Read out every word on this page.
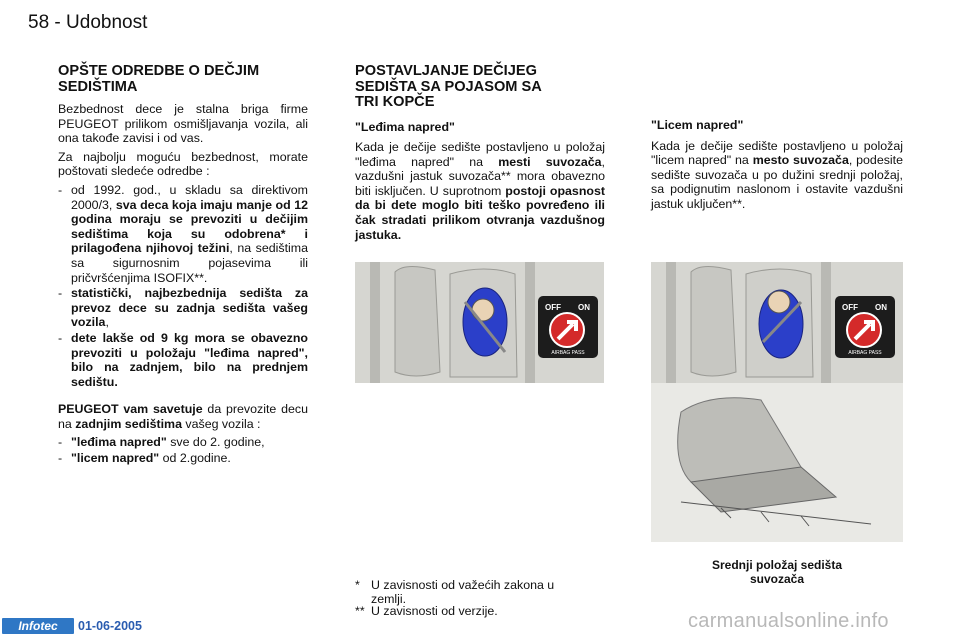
58 - Udobnost
OPŠTE ODREDBE O DEČJIM
SEDIŠTIMA

Bezbednost dece je stalna briga firme PEUGEOT prilikom osmišljavanja vozila, ali ona takođe zavisi i od vas.

Za najbolju moguću bezbednost, morate poštovati sledeće odredbe :

- od 1992. god., u skladu sa direktivom 2000/3, sva deca koja imaju manje od 12 godina moraju se prevoziti u dečijim sedištima koja su odobrena* i prilagođena njihovoj težini, na sedištima sa sigurnosnim pojasevima ili pričvršćenjima ISOFIX**.
- statistički, najbezbednija sedišta za prevoz dece su zadnja sedišta vašeg vozila,
- dete lakše od 9 kg mora se obavezno prevoziti u položaju "leđima napred", bilo na zadnjem, bilo na prednjem sedištu.

PEUGEOT vam savetuje da prevozite decu na zadnjim sedištima vašeg vozila :

- "leđima napred" sve do 2. godine,
- "licem napred" od 2.godine.
POSTAVLJANJE DEČIJEG
SEDIŠTA SA POJASOM SA
TRI KOPČE
"Leđima napred"

Kada je dečije sedište postavljeno u položaj "leđima napred" na mesti suvozača, vazdušni jastuk suvozača** mora obavezno biti isključen. U suprotnom postoji opasnost da bi dete moglo biti teško povređeno ili čak stradati prilikom otvranja vazdušnog jastuka.

"Licem napred"

Kada je dečije sedište postavljeno u položaj "licem napred" na mesto suvozača, podesite sedište suvozača u po dužini srednji položaj, sa podignutim naslonom i ostavite vazdušni jastuk uključen**.

OFF ON
AIRBAG PASS
OFF ON
AIRBAG PASS
Srednji položaj sedišta
suvozača
* U zavisnosti od važećih zakona u
zemlji.
** U zavisnosti od verzije.
Infotec	01-06-2005	carmanualsonline.info
